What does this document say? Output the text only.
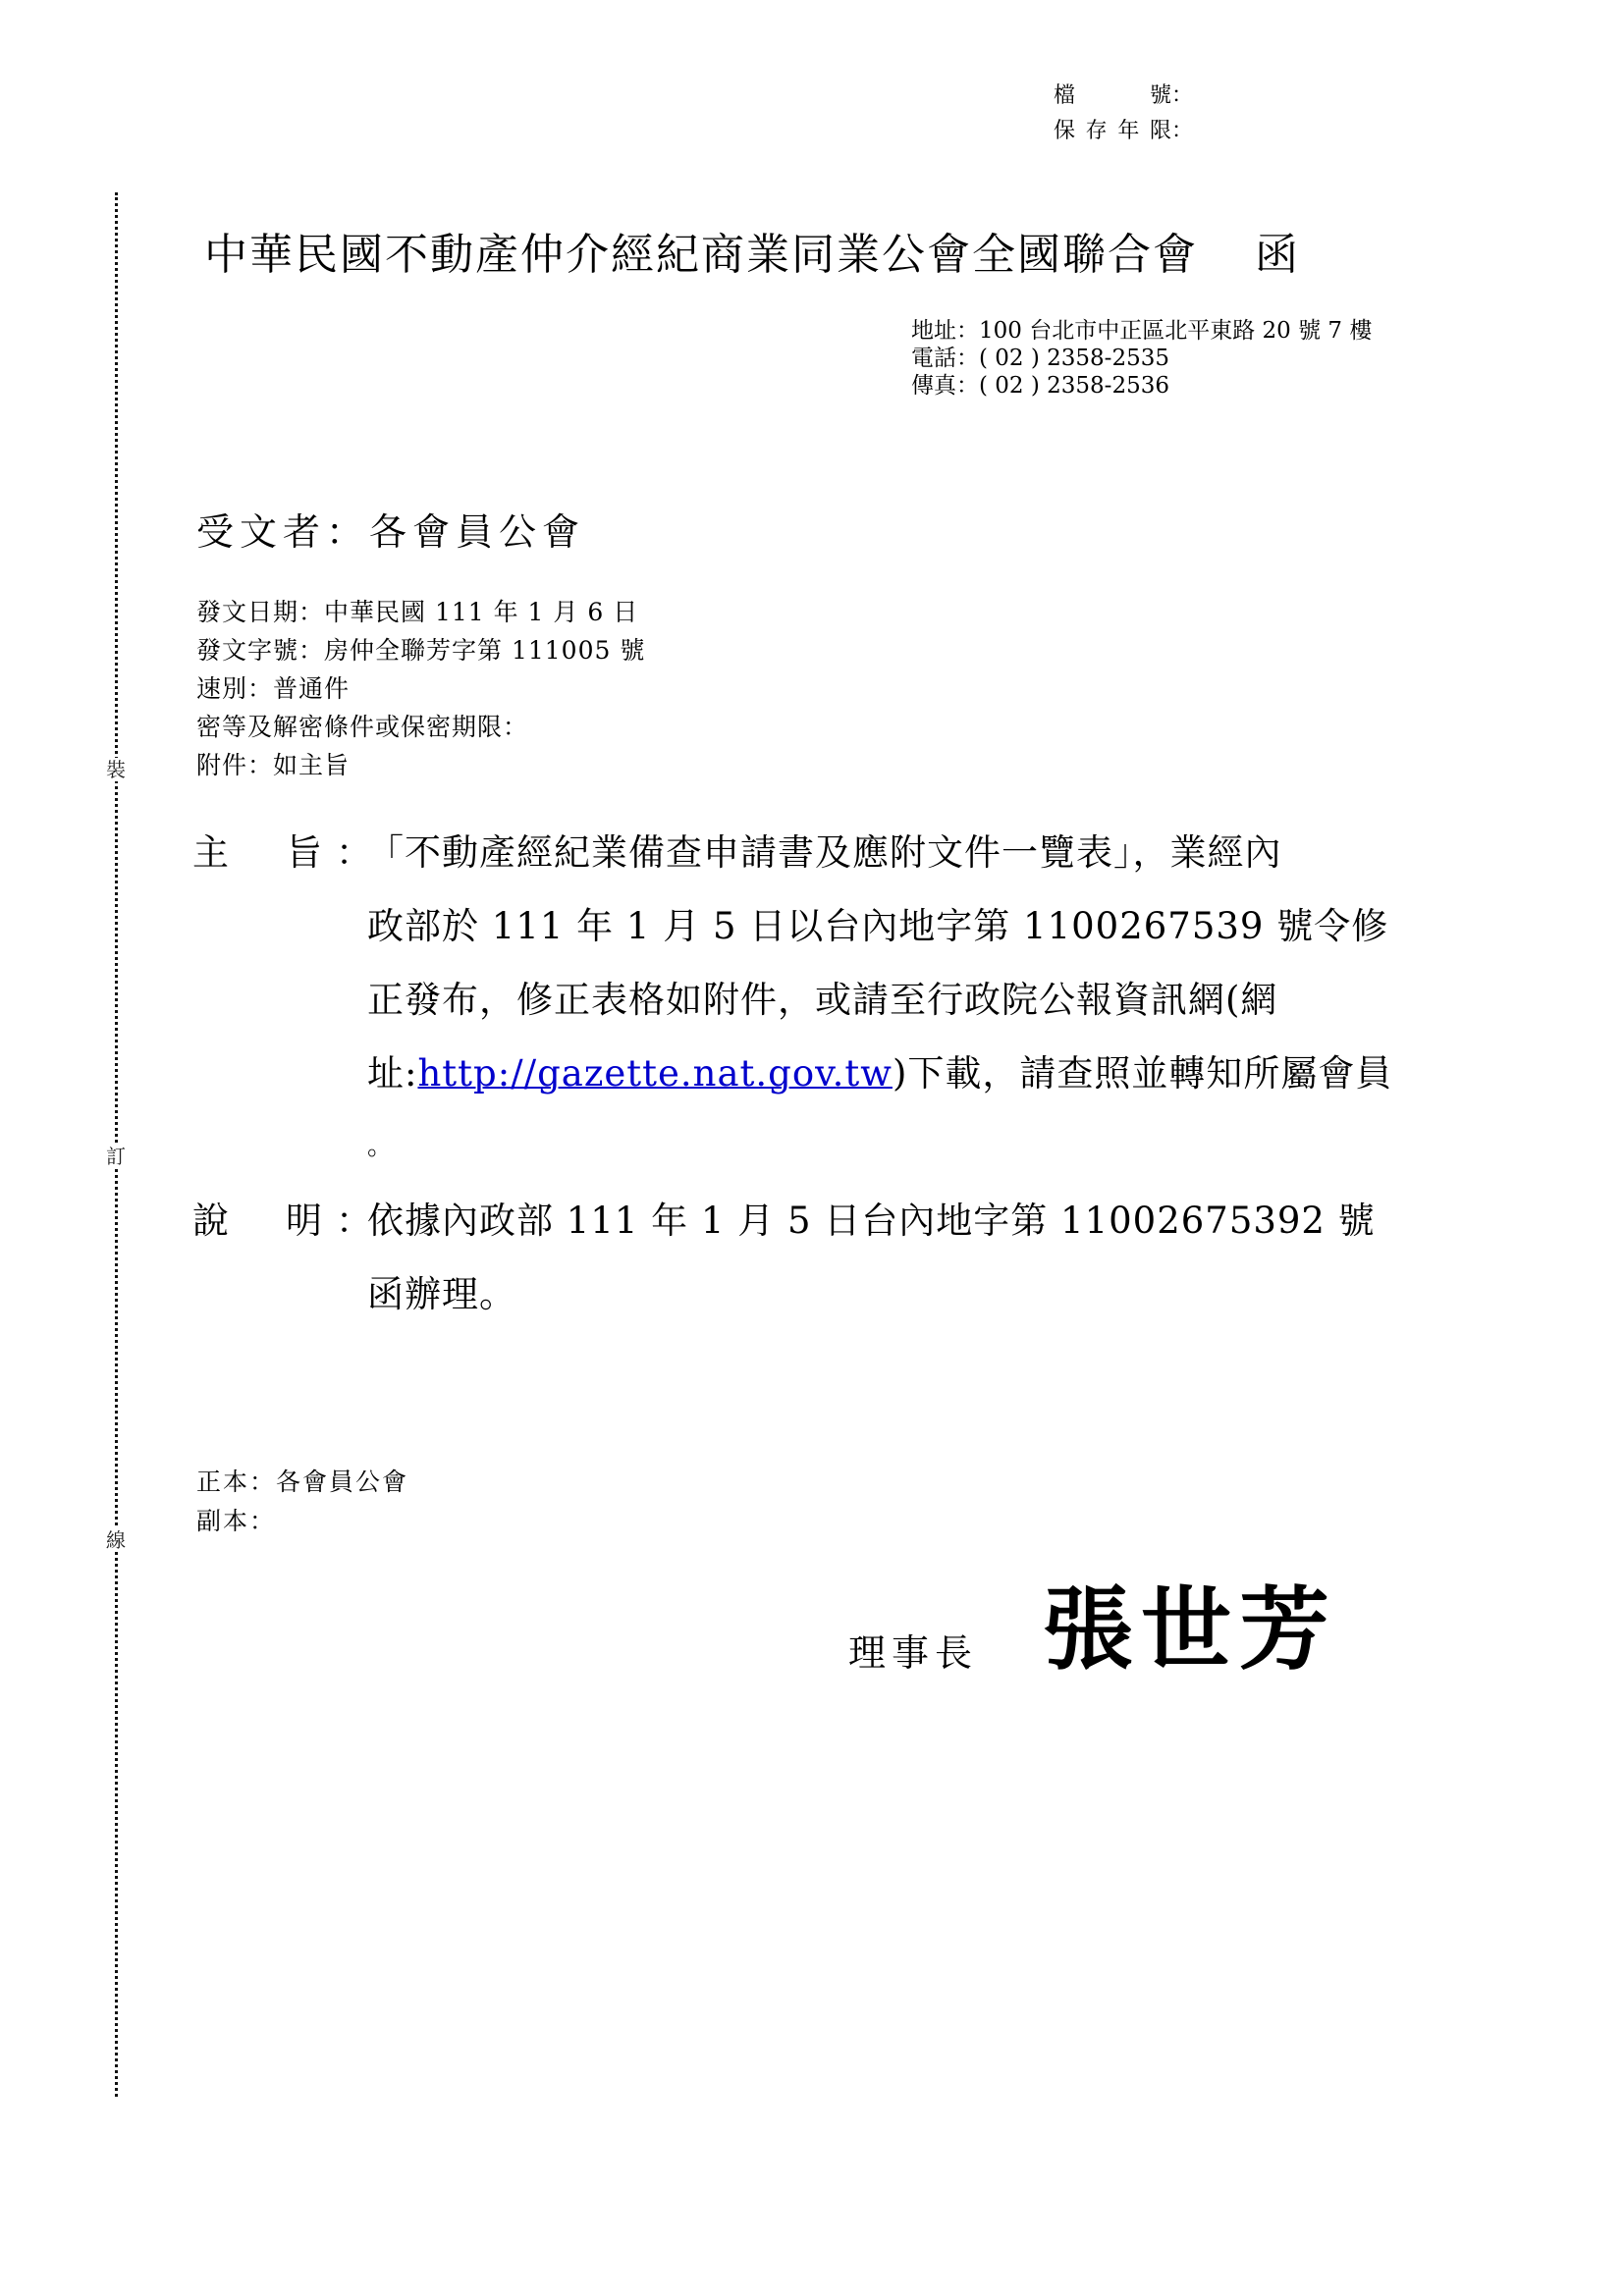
裝
訂
線
檔　　號 ：
保存年限 ：
中華民國不動產仲介經紀商業同業公會全國聯合會 函
地址：100 台北市中正區北平東路 20 號 7 樓
電話：( 02 ) 2358-2535
傳真：( 02 ) 2358-2536
受文者：各會員公會
發文日期：中華民國 111 年 1 月 6 日
發文字號：房仲全聯芳字第 111005 號
速別：普通件
密等及解密條件或保密期限：
附件：如主旨
主 旨 ：
「不動產經紀業備查申請書及應附文件一覽表」，業經內
政部於 111 年 1 月 5 日以台內地字第 1100267539 號令修
正發布，修正表格如附件，或請至行政院公報資訊網(網
址:http://gazette.nat.gov.tw)下載，請查照並轉知所屬會員
。
說 明 ：
依據內政部 111 年 1 月 5 日台內地字第 11002675392 號
函辦理。
正本：各會員公會
副本：
理事長 張世芳
